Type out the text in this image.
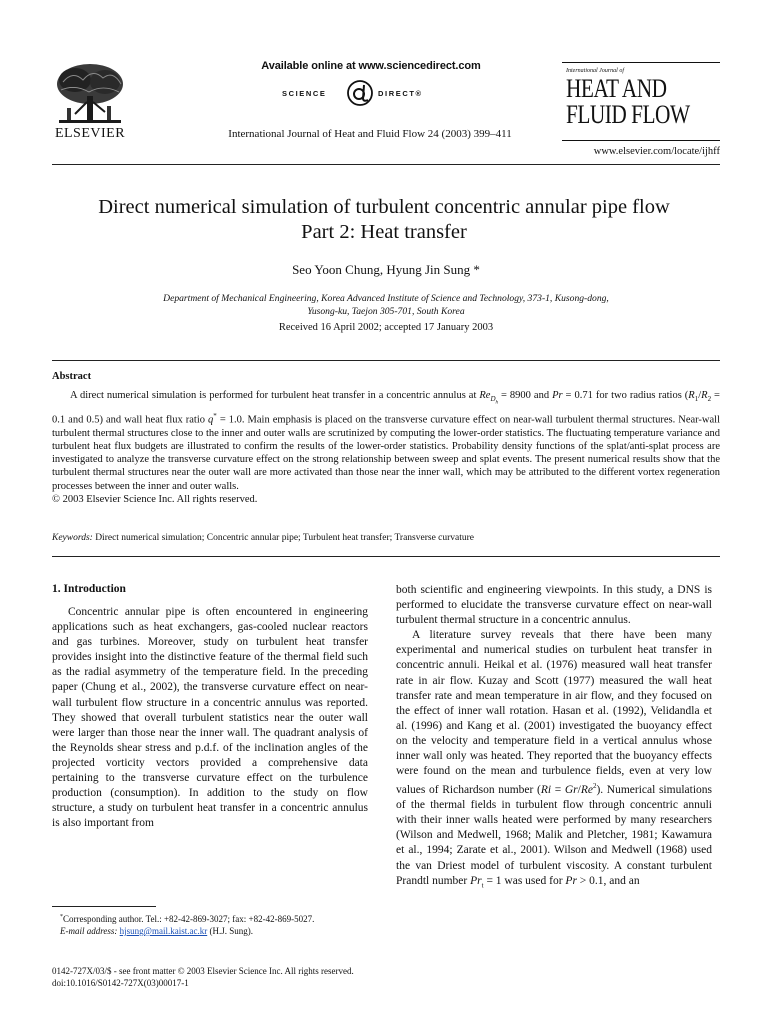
ELSEVIER
Available online at www.sciencedirect.com
SCIENCE	DIRECT®
International Journal of Heat and Fluid Flow 24 (2003) 399–411
International Journal of
HEAT AND
FLUID FLOW
www.elsevier.com/locate/ijhff
Direct numerical simulation of turbulent concentric annular pipe flow
Part 2: Heat transfer
Seo Yoon Chung, Hyung Jin Sung *
Department of Mechanical Engineering, Korea Advanced Institute of Science and Technology, 373-1, Kusong-dong,
Yusong-ku, Taejon 305-701, South Korea
Received 16 April 2002; accepted 17 January 2003
Abstract

A direct numerical simulation is performed for turbulent heat transfer in a concentric annulus at $Re_{D_h} = 8900$ and Pr = 0.71 for two radius ratios ($R_1/R_2 = 0.1$ and 0.5) and wall heat flux ratio q* = 1.0. Main emphasis is placed on the transverse curvature effect on near-wall turbulent thermal structures. Near-wall turbulent thermal structures close to the inner and outer walls are scrutinized by computing the lower-order statistics. The fluctuating temperature variance and turbulent heat flux budgets are illustrated to confirm the results of the lower-order statistics. Probability density functions of the splat/anti-splat process are investigated to analyze the transverse curvature effect on the strong relationship between sweep and splat events. The present numerical results show that the turbulent thermal structures near the outer wall are more activated than those near the inner wall, which may be attributed to the different vortex regeneration processes between the inner and outer walls.

© 2003 Elsevier Science Inc. All rights reserved.

Keywords: Direct numerical simulation; Concentric annular pipe; Turbulent heat transfer; Transverse curvature
1. Introduction

Concentric annular pipe is often encountered in engineering applications such as heat exchangers, gas-cooled nuclear reactors and gas turbines. Moreover, study on turbulent heat transfer provides insight into the distinctive feature of the thermal field such as the radial asymmetry of the temperature field. In the preceding paper (Chung et al., 2002), the transverse curvature effect on near-wall turbulent flow structure in a concentric annulus was reported. They showed that overall turbulent statistics near the outer wall were larger than those near the inner wall. The quadrant analysis of the Reynolds shear stress and p.d.f. of the inclination angles of the projected vorticity vectors provided a comprehensive data pertaining to the transverse curvature effect on the turbulence production (consumption). In addition to the study on flow structure, a study on turbulent heat transfer in a concentric annulus is also important from

both scientific and engineering viewpoints. In this study, a DNS is performed to elucidate the transverse curvature effect on near-wall turbulent thermal structure in a concentric annulus.

A literature survey reveals that there have been many experimental and numerical studies on turbulent heat transfer in concentric annuli. Heikal et al. (1976) measured wall heat transfer rate in air flow. Kuzay and Scott (1977) measured the wall heat transfer rate and mean temperature in air flow, and they focused on the effect of inner wall rotation. Hasan et al. (1992), Velidandla et al. (1996) and Kang et al. (2001) investigated the buoyancy effect on the velocity and temperature field in a vertical annulus whose inner wall only was heated. They reported that the buoyancy effects were found on the mean and turbulence fields, even at very low values of Richardson number $(Ri = Gr/Re^2)$. Numerical simulations of the thermal fields in turbulent flow through concentric annuli with their inner walls heated were performed by many researchers (Wilson and Medwell, 1968; Malik and Pletcher, 1981; Kawamura et al., 1994; Zarate et al., 2001). Wilson and Medwell (1968) used the van Driest model of turbulent viscosity. A constant turbulent Prandtl number $Pr_t = 1$ was used for Pr > 0.1, and an

*Corresponding author. Tel.: +82-42-869-3027; fax: +82-42-869-5027.
E-mail address: hjsung@mail.kaist.ac.kr (H.J. Sung).
0142-727X/03/$ - see front matter © 2003 Elsevier Science Inc. All rights reserved.
doi:10.1016/S0142-727X(03)00017-1
